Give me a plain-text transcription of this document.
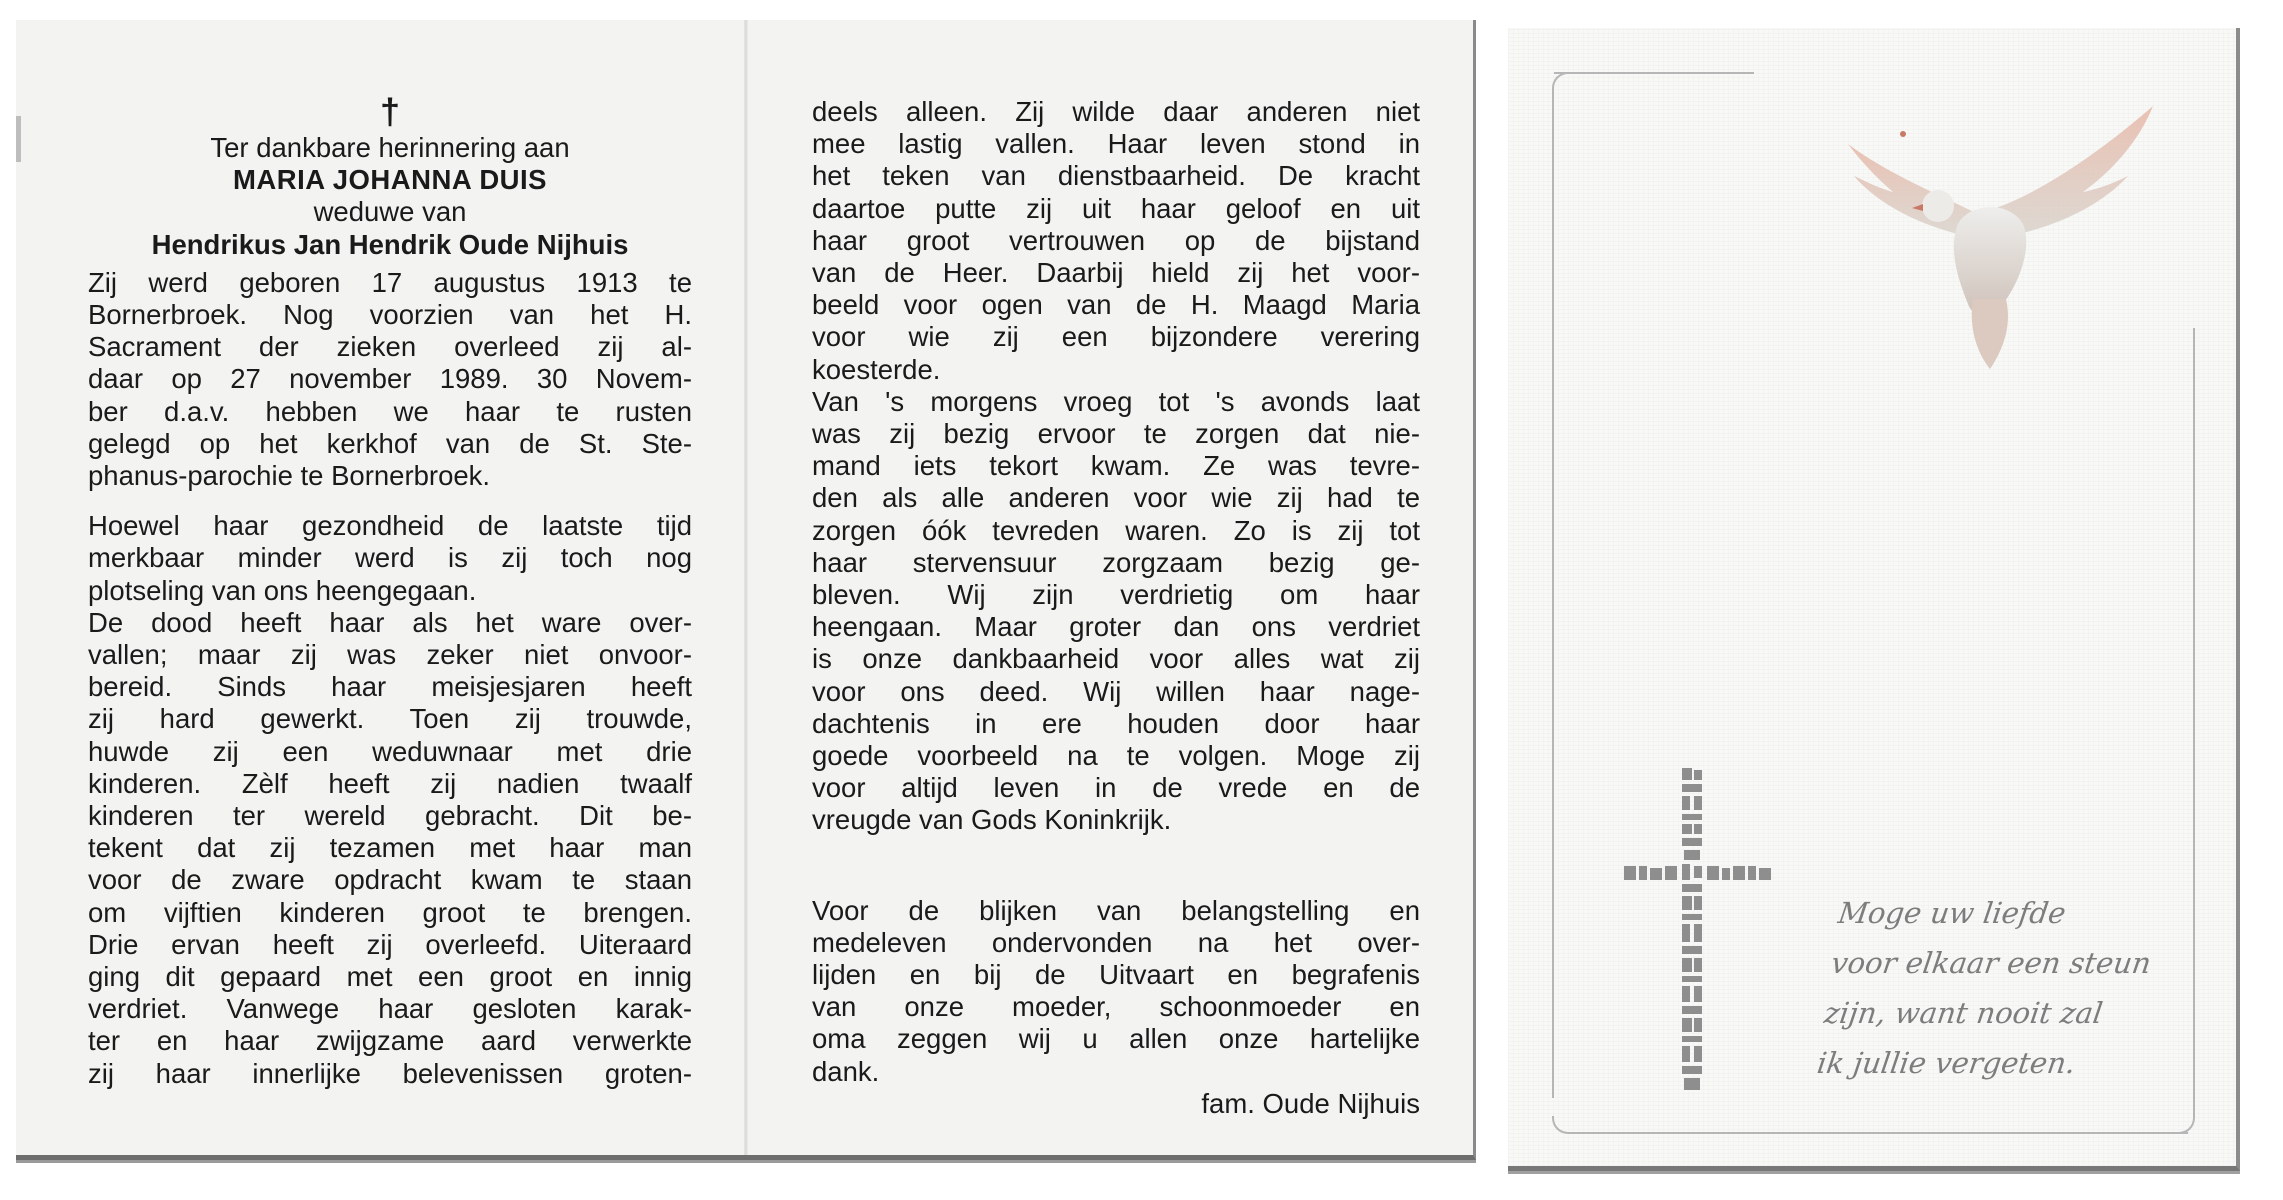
†
Ter dankbare herinnering aan
MARIA JOHANNA DUIS
weduwe van
Hendrikus Jan Hendrik Oude Nijhuis
Zij werd geboren 17 augustus 1913 te
Bornerbroek. Nog voorzien van het H.
Sacrament der zieken overleed zij al-
daar op 27 november 1989. 30 Novem-
ber d.a.v. hebben we haar te rusten
gelegd op het kerkhof van de St. Ste-
phanus-parochie te Bornerbroek.
Hoewel haar gezondheid de laatste tijd
merkbaar minder werd is zij toch nog
plotseling van ons heengegaan.
De dood heeft haar als het ware over-
vallen; maar zij was zeker niet onvoor-
bereid. Sinds haar meisjesjaren heeft
zij hard gewerkt. Toen zij trouwde,
huwde zij een weduwnaar met drie
kinderen. Zèlf heeft zij nadien twaalf
kinderen ter wereld gebracht. Dit be-
tekent dat zij tezamen met haar man
voor de zware opdracht kwam te staan
om vijftien kinderen groot te brengen.
Drie ervan heeft zij overleefd. Uiteraard
ging dit gepaard met een groot en innig
verdriet. Vanwege haar gesloten karak-
ter en haar zwijgzame aard verwerkte
zij haar innerlijke belevenissen groten-
deels alleen. Zij wilde daar anderen niet
mee lastig vallen. Haar leven stond in
het teken van dienstbaarheid. De kracht
daartoe putte zij uit haar geloof en uit
haar groot vertrouwen op de bijstand
van de Heer. Daarbij hield zij het voor-
beeld voor ogen van de H. Maagd Maria
voor wie zij een bijzondere verering
koesterde.
Van 's morgens vroeg tot 's avonds laat
was zij bezig ervoor te zorgen dat nie-
mand iets tekort kwam. Ze was tevre-
den als alle anderen voor wie zij had te
zorgen óók tevreden waren. Zo is zij tot
haar stervensuur zorgzaam bezig ge-
bleven. Wij zijn verdrietig om haar
heengaan. Maar groter dan ons verdriet
is onze dankbaarheid voor alles wat zij
voor ons deed. Wij willen haar nage-
dachtenis in ere houden door haar
goede voorbeeld na te volgen. Moge zij
voor altijd leven in de vrede en de
vreugde van Gods Koninkrijk.
Voor de blijken van belangstelling en
medeleven ondervonden na het over-
lijden en bij de Uitvaart en begrafenis
van onze moeder, schoonmoeder en
oma zeggen wij u allen onze hartelijke
dank.
fam. Oude Nijhuis
Moge uw liefde
voor elkaar een steun
zijn, want nooit zal
ik jullie vergeten.
